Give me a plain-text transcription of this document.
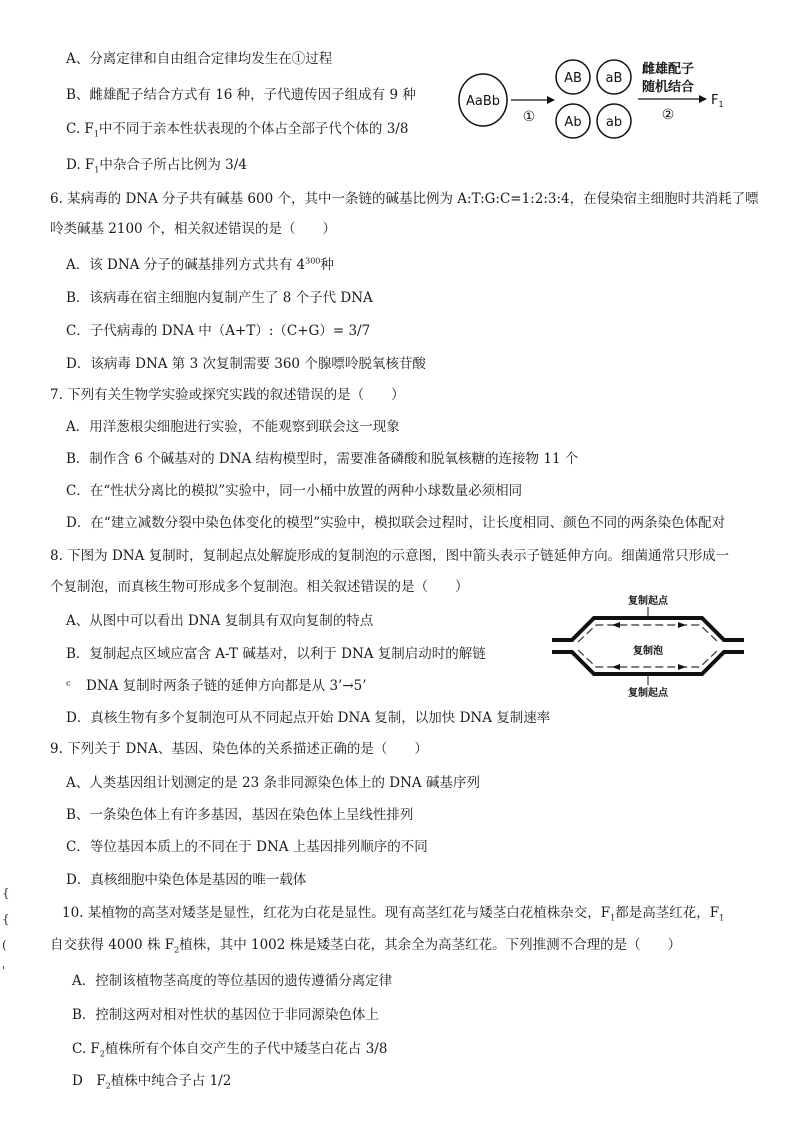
A、分离定律和自由组合定律均发生在①过程
B、雌雄配子结合方式有 16 种，子代遗传因子组成有 9 种
C. $F_1$中不同于亲本性状表现的个体占全部子代个体的 3/8
D. $F_1$中杂合子所占比例为 3/4
AaBb
①
AB aB
Ab ab
雌雄配子
随机结合
②
$F_1$
6. 某病毒的 DNA 分子共有碱基 600 个，其中一条链的碱基比例为 A:T:G:C=1:2:3:4，在侵染宿主细胞时共消耗了嘌
呤类碱基 2100 个，相关叙述错误的是（　　）
A．该 DNA 分子的碱基排列方式共有 $4^{300}$种
B．该病毒在宿主细胞内复制产生了 8 个子代 DNA
C．子代病毒的 DNA 中（A+T）:（C+G）= 3/7
D．该病毒 DNA 第 3 次复制需要 360 个腺嘌呤脱氧核苷酸
7. 下列有关生物学实验或探究实践的叙述错误的是（　　）
A．用洋葱根尖细胞进行实验，不能观察到联会这一现象
B．制作含 6 个碱基对的 DNA 结构模型时，需要准备磷酸和脱氧核糖的连接物 11 个
C．在“性状分离比的模拟”实验中，同一小桶中放置的两种小球数量必须相同
D．在“建立减数分裂中染色体变化的模型”实验中，模拟联会过程时，让长度相同、颜色不同的两条染色体配对
8. 下图为 DNA 复制时，复制起点处解旋形成的复制泡的示意图，图中箭头表示子链延伸方向。细菌通常只形成一
个复制泡，而真核生物可形成多个复制泡。相关叙述错误的是（　　）
A、从图中可以看出 DNA 复制具有双向复制的特点
B．复制起点区域应富含 A-T 碱基对，以利于 DNA 复制启动时的解链
ᶜ DNA 复制时两条子链的延伸方向都是从 3’→5’
D．真核生物有多个复制泡可从不同起点开始 DNA 复制，以加快 DNA 复制速率
复制起点
复制泡
复制起点
9. 下列关于 DNA、基因、染色体的关系描述正确的是（　　）
A、人类基因组计划测定的是 23 条非同源染色体上的 DNA 碱基序列
B、一条染色体上有许多基因，基因在染色体上呈线性排列
C．等位基因本质上的不同在于 DNA 上基因排列顺序的不同
D．真核细胞中染色体是基因的唯一载体
10. 某植物的高茎对矮茎是显性，红花为白花是显性。现有高茎红花与矮茎白花植株杂交，$F_1$都是高茎红花，$F_1$
自交获得 4000 株 $F_2$植株，其中 1002 株是矮茎白花，其余全为高茎红花。下列推测不合理的是（　　）
A．控制该植物茎高度的等位基因的遗传遵循分离定律
B．控制这两对相对性状的基因位于非同源染色体上
C. $F_2$植株所有个体自交产生的子代中矮茎白花占 3/8
D　$F_2$植株中纯合子占 1/2
{
{
(
'
